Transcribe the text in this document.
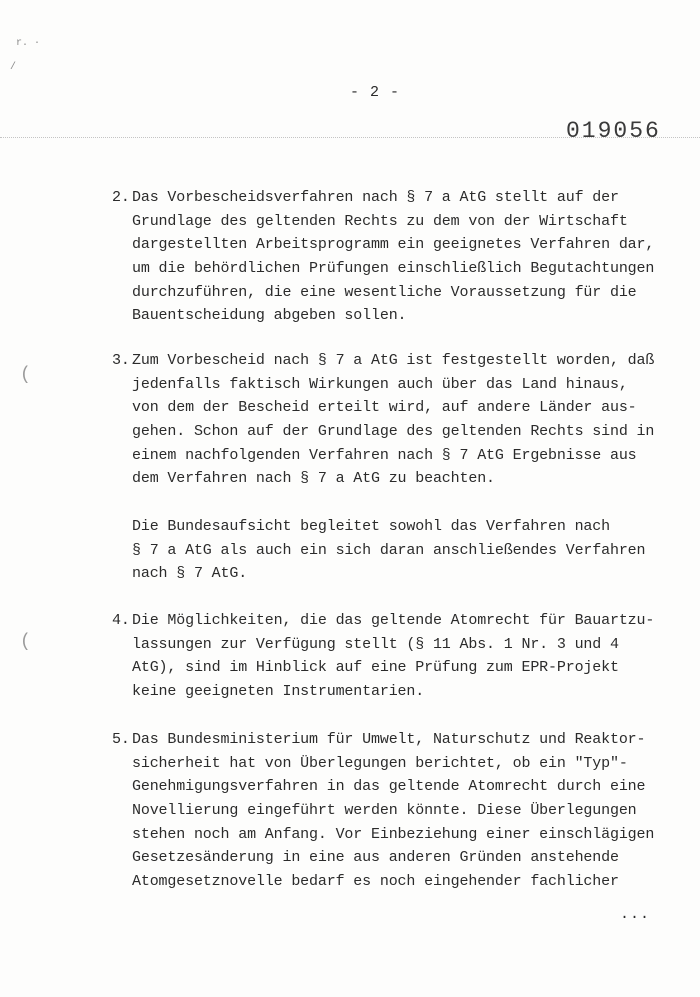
r. ·
/
(
(
- 2 -
019056
2. Das Vorbescheidsverfahren nach § 7 a AtG stellt auf der
Grundlage des geltenden Rechts zu dem von der Wirtschaft
dargestellten Arbeitsprogramm ein geeignetes Verfahren dar,
um die behördlichen Prüfungen einschließlich Begutachtungen
durchzuführen, die eine wesentliche Voraussetzung für die
Bauentscheidung abgeben sollen.
3. Zum Vorbescheid nach § 7 a AtG ist festgestellt worden, daß
jedenfalls faktisch Wirkungen auch über das Land hinaus,
von dem der Bescheid erteilt wird, auf andere Länder aus-
gehen. Schon auf der Grundlage des geltenden Rechts sind in
einem nachfolgenden Verfahren nach § 7 AtG Ergebnisse aus
dem Verfahren nach § 7 a AtG zu beachten.
Die Bundesaufsicht begleitet sowohl das Verfahren nach
§ 7 a AtG als auch ein sich daran anschließendes Verfahren
nach § 7 AtG.
4. Die Möglichkeiten, die das geltende Atomrecht für Bauartzu-
lassungen zur Verfügung stellt (§ 11 Abs. 1 Nr. 3 und 4
AtG), sind im Hinblick auf eine Prüfung zum EPR-Projekt
keine geeigneten Instrumentarien.
5. Das Bundesministerium für Umwelt, Naturschutz und Reaktor-
sicherheit hat von Überlegungen berichtet, ob ein "Typ"-
Genehmigungsverfahren in das geltende Atomrecht durch eine
Novellierung eingeführt werden könnte. Diese Überlegungen
stehen noch am Anfang. Vor Einbeziehung einer einschlägigen
Gesetzesänderung in eine aus anderen Gründen anstehende
Atomgesetznovelle bedarf es noch eingehender fachlicher
...
